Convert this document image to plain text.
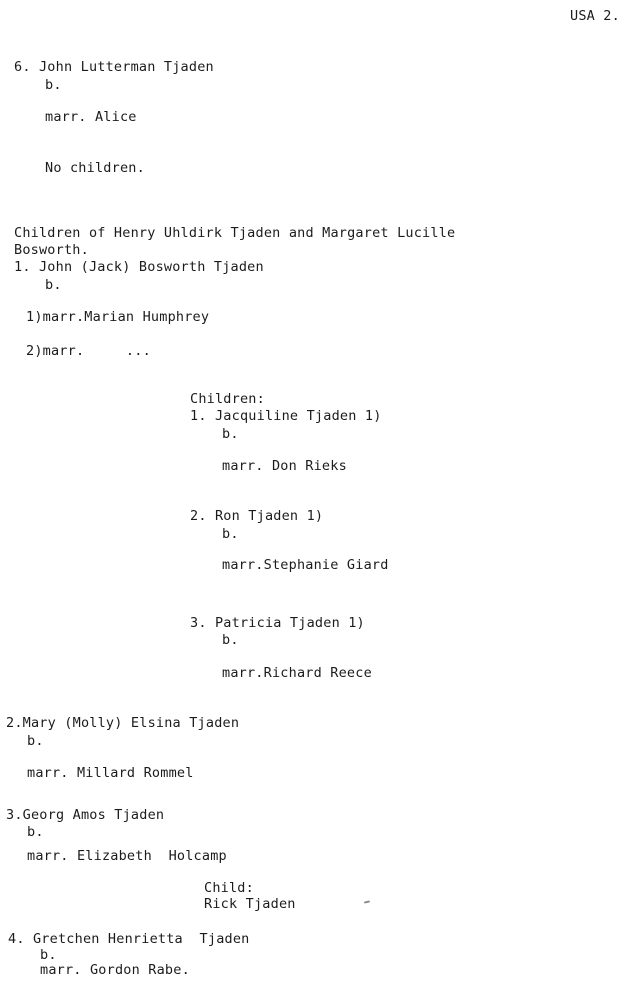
USA 2.
6. John Lutterman Tjaden
b.
marr. Alice
No children.
Children of Henry Uhldirk Tjaden and Margaret Lucille
Bosworth.
1. John (Jack) Bosworth Tjaden
b.
1)marr.Marian Humphrey
2)marr.     ...
Children:
1. Jacquiline Tjaden 1)
b.
marr. Don Rieks
2. Ron Tjaden 1)
b.
marr.Stephanie Giard
3. Patricia Tjaden 1)
b.
marr.Richard Reece
2.Mary (Molly) Elsina Tjaden
b.
marr. Millard Rommel
3.Georg Amos Tjaden
b.
marr. Elizabeth  Holcamp
Child:
Rick Tjaden
4. Gretchen Henrietta  Tjaden
b.
marr. Gordon Rabe.
